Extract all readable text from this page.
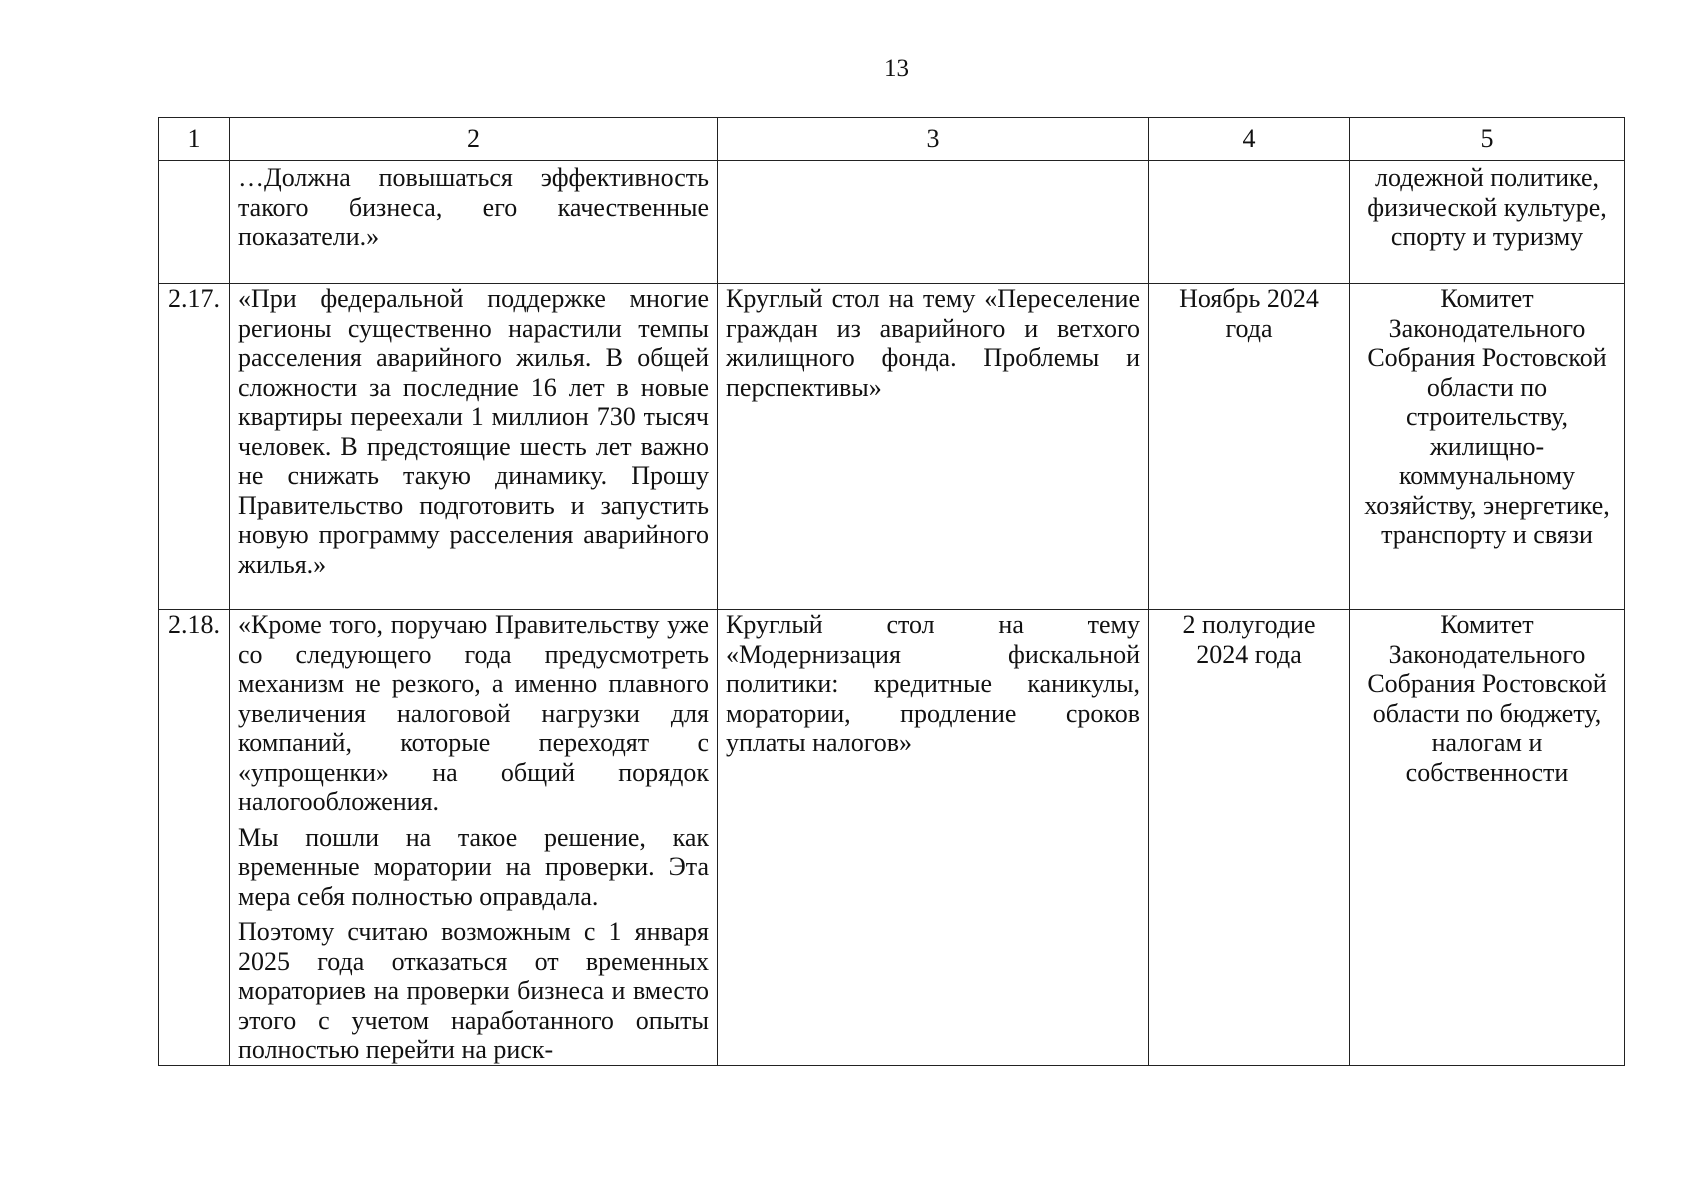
13
1	2	3	4	5

	…Должна повышаться эффективность такого бизнеса, его качественные показатели.»			лодежной политике, физической культуре, спорту и туризму
2.17.	«При федеральной поддержке многие регионы существенно нарастили темпы расселения аварийного жилья. В общей сложности за последние 16 лет в новые квартиры переехали 1 миллион 730 тысяч человек. В предстоящие шесть лет важно не снижать такую динамику. Прошу Правительство подготовить и запустить новую программу расселения аварийного жилья.»	Круглый стол на тему «Переселение граждан из аварийного и ветхого жилищного фонда. Проблемы и перспективы»	Ноябрь 2024 года	Комитет Законодательного Собрания Ростовской области по строительству, жилищно-коммунальному хозяйству, энергетике, транспорту и связи
2.18.	«Кроме того, поручаю Правительству уже со следующего года предусмотреть механизм не резкого, а именно плавного увеличения налоговой нагрузки для компаний, которые переходят с «упрощенки» на общий порядок налогообложения.

Мы пошли на такое решение, как временные моратории на проверки. Эта мера себя полностью оправдала.

Поэтому считаю возможным с 1 января 2025 года отказаться от временных мораториев на проверки бизнеса и вместо этого с учетом наработанного опыты полностью перейти на риск-	Круглый стол на тему «Модернизация фискальной политики: кредитные каникулы, моратории, продление сроков уплаты налогов»	2 полугодие 2024 года	Комитет Законодательного Собрания Ростовской области по бюджету, налогам и собственности
